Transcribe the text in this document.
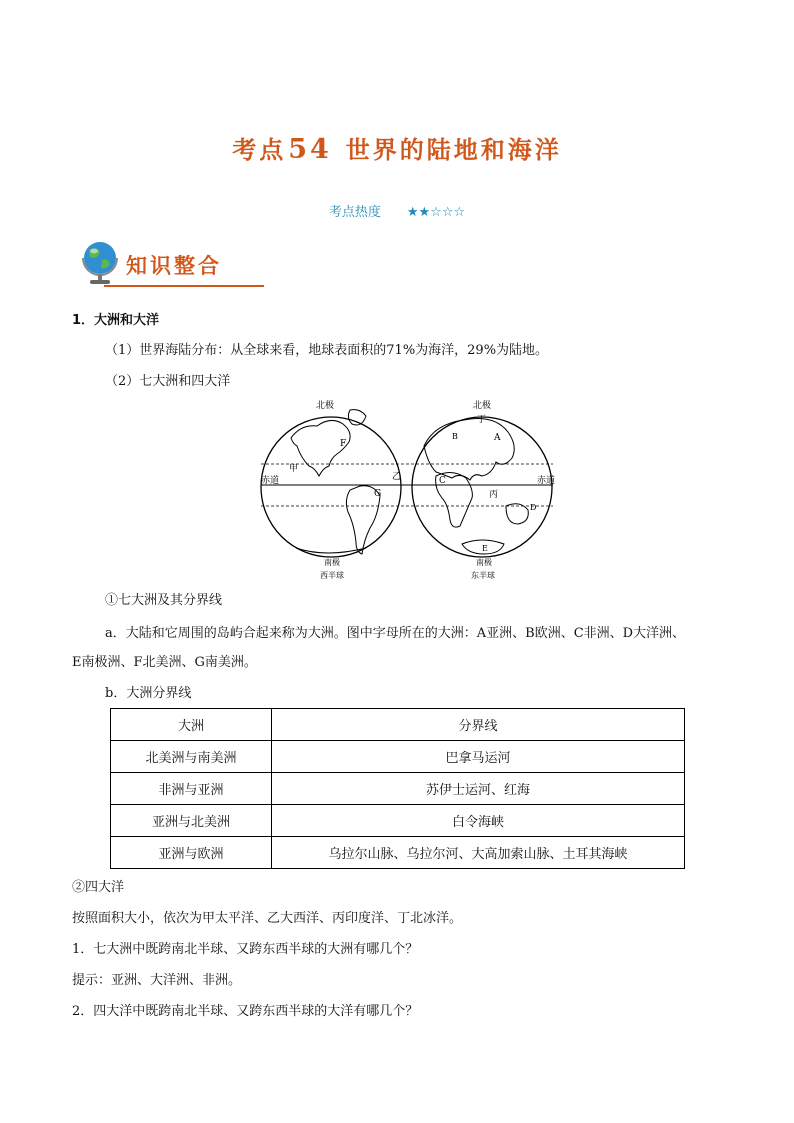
考点54 世界的陆地和海洋
考点热度 ★★☆☆☆
知识整合
1．大洲和大洋
（1）世界海陆分布：从全球来看，地球表面积的71%为海洋，29%为陆地。
（2）七大洲和四大洋
北极
F
甲
赤道
G
乙
南极
西半球
北极
丁
B	A
C
丙
赤道
D
E
南极
东半球
①七大洲及其分界线
a．大陆和它周围的岛屿合起来称为大洲。图中字母所在的大洲：A亚洲、B欧洲、C非洲、D大洋洲、
E南极洲、F北美洲、G南美洲。
b．大洲分界线
大洲	分界线
北美洲与南美洲	巴拿马运河
非洲与亚洲	苏伊士运河、红海
亚洲与北美洲	白令海峡
亚洲与欧洲	乌拉尔山脉、乌拉尔河、大高加索山脉、土耳其海峡
②四大洋
按照面积大小，依次为甲太平洋、乙大西洋、丙印度洋、丁北冰洋。
1．七大洲中既跨南北半球、又跨东西半球的大洲有哪几个？
提示：亚洲、大洋洲、非洲。
2．四大洋中既跨南北半球、又跨东西半球的大洋有哪几个？
